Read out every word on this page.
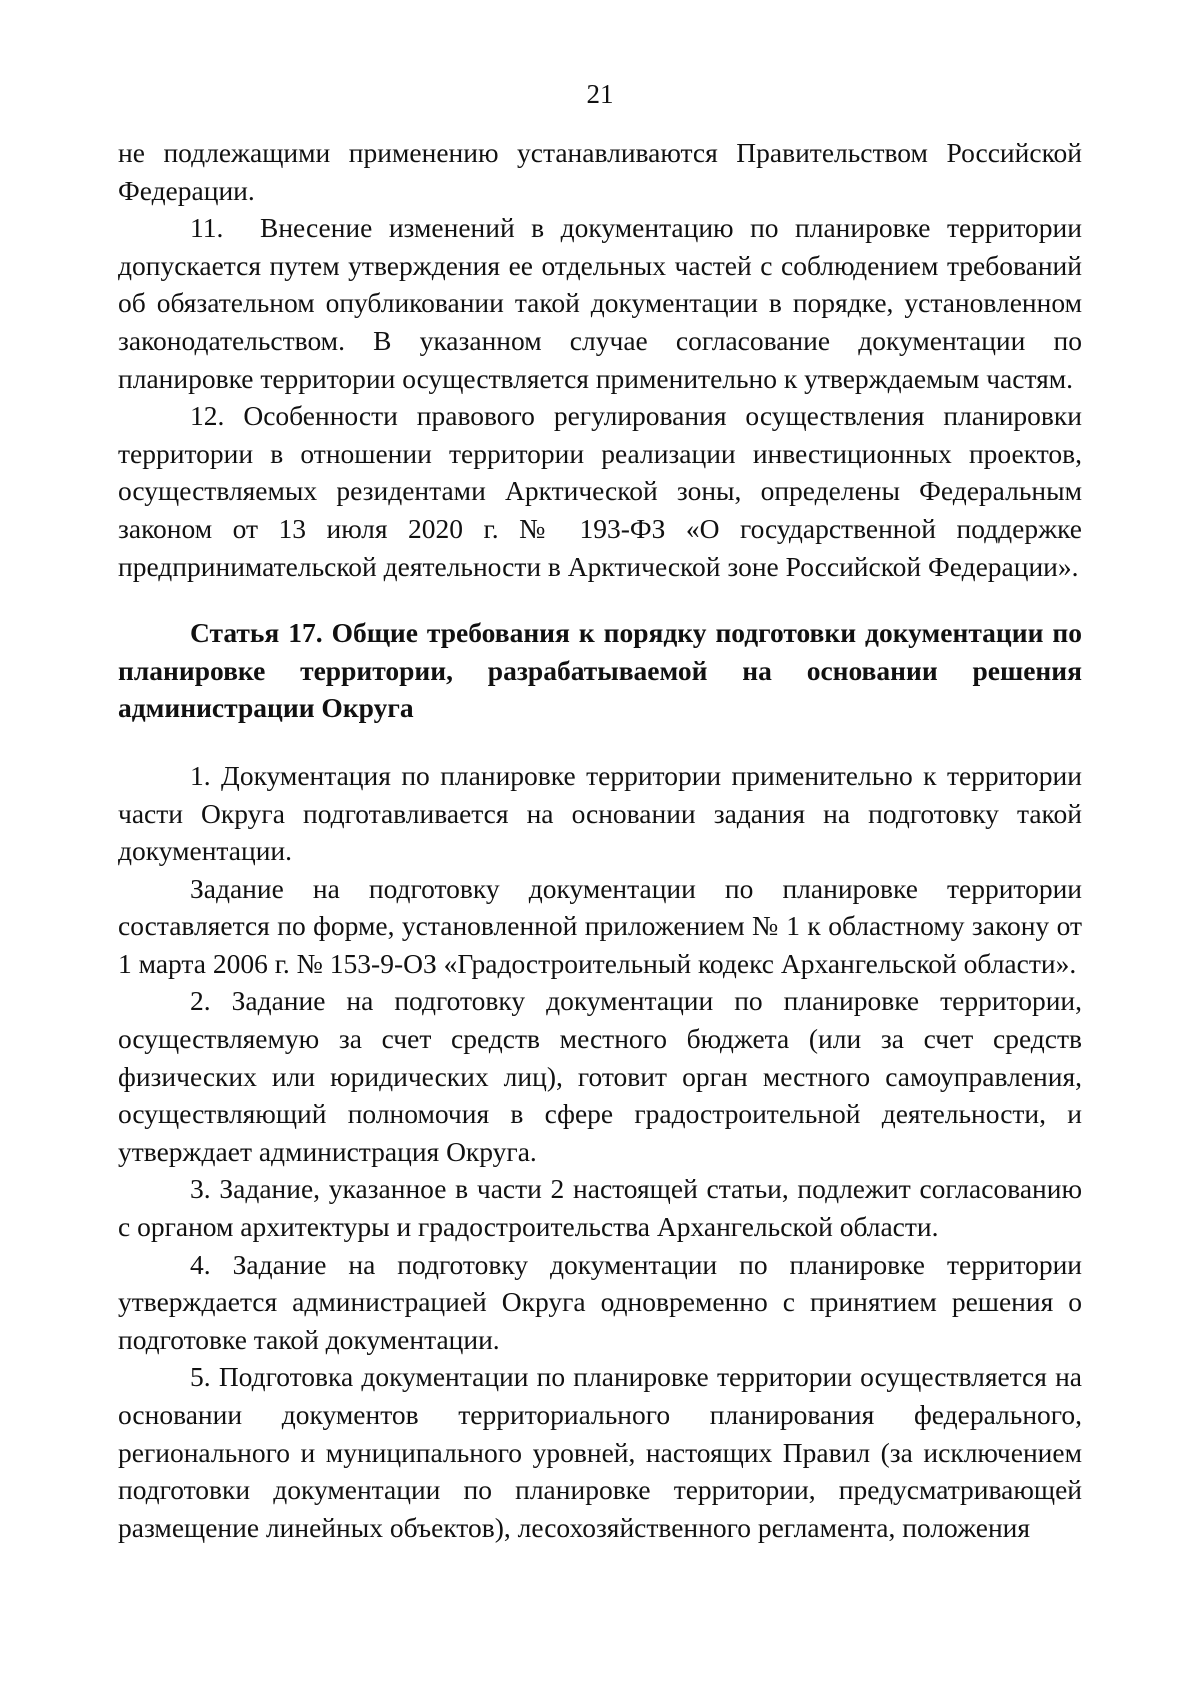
21

не подлежащими применению устанавливаются Правительством Российской Федерации.

11. Внесение изменений в документацию по планировке территории допускается путем утверждения ее отдельных частей с соблюдением требований об обязательном опубликовании такой документации в порядке, установленном законодательством. В указанном случае согласование документации по планировке территории осуществляется применительно к утверждаемым частям.

12. Особенности правового регулирования осуществления планировки территории в отношении территории реализации инвестиционных проектов, осуществляемых резидентами Арктической зоны, определены Федеральным законом от 13 июля 2020 г. № 193-ФЗ «О государственной поддержке предпринимательской деятельности в Арктической зоне Российской Федерации».

Статья 17. Общие требования к порядку подготовки документации по планировке территории, разрабатываемой на основании решения администрации Округа

1. Документация по планировке территории применительно к территории части Округа подготавливается на основании задания на подготовку такой документации.

Задание на подготовку документации по планировке территории составляется по форме, установленной приложением № 1 к областному закону от 1 марта 2006 г. № 153-9-ОЗ «Градостроительный кодекс Архангельской области».

2. Задание на подготовку документации по планировке территории, осуществляемую за счет средств местного бюджета (или за счет средств физических или юридических лиц), готовит орган местного самоуправления, осуществляющий полномочия в сфере градостроительной деятельности, и утверждает администрация Округа.

3. Задание, указанное в части 2 настоящей статьи, подлежит согласованию с органом архитектуры и градостроительства Архангельской области.

4. Задание на подготовку документации по планировке территории утверждается администрацией Округа одновременно с принятием решения о подготовке такой документации.

5. Подготовка документации по планировке территории осуществляется на основании документов территориального планирования федерального, регионального и муниципального уровней, настоящих Правил (за исключением подготовки документации по планировке территории, предусматривающей размещение линейных объектов), лесохозяйственного регламента, положения
